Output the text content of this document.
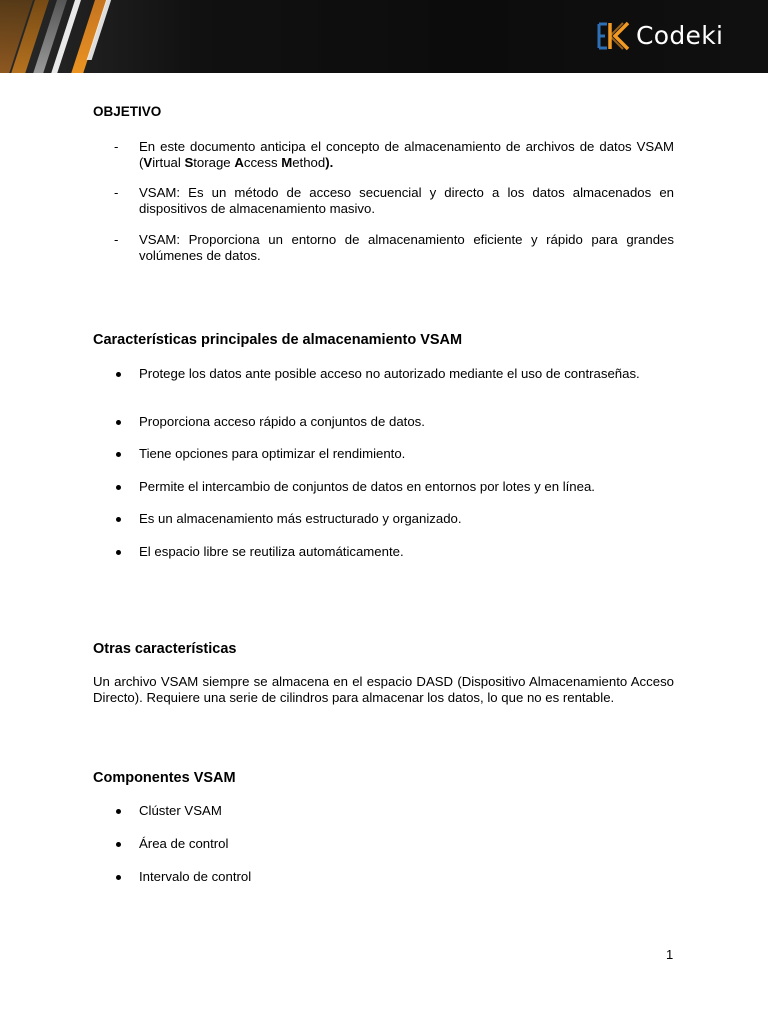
Codeki
OBJETIVO
- En este documento anticipa el concepto de almacenamiento de archivos de datos VSAM (Virtual Storage Access Method).
- VSAM: Es un método de acceso secuencial y directo a los datos almacenados en dispositivos de almacenamiento masivo.
- VSAM: Proporciona un entorno de almacenamiento eficiente y rápido para grandes volúmenes de datos.
Características principales de almacenamiento VSAM
Protege los datos ante posible acceso no autorizado mediante el uso de contraseñas.
Proporciona acceso rápido a conjuntos de datos.
Tiene opciones para optimizar el rendimiento.
Permite el intercambio de conjuntos de datos en entornos por lotes y en línea.
Es un almacenamiento más estructurado y organizado.
El espacio libre se reutiliza automáticamente.
Otras características
Un archivo VSAM siempre se almacena en el espacio DASD (Dispositivo Almacenamiento Acceso Directo). Requiere una serie de cilindros para almacenar los datos, lo que no es rentable.
Componentes VSAM
Clúster VSAM
Área de control
Intervalo de control
1
